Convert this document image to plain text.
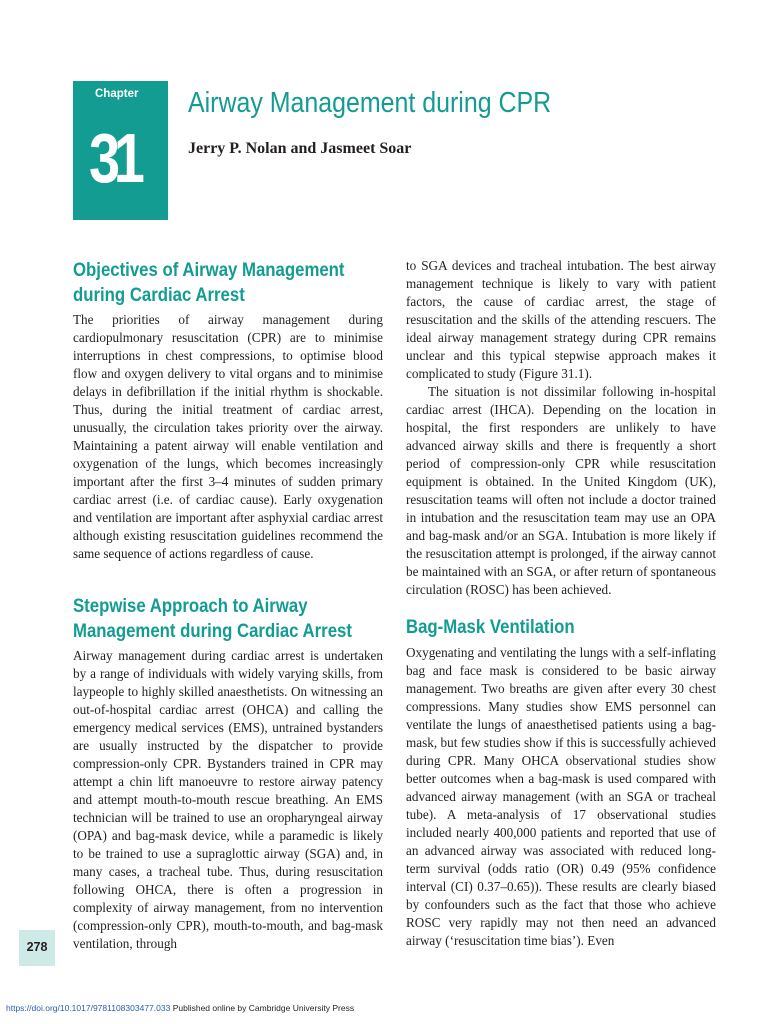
Chapter
31
Airway Management during CPR
Jerry P. Nolan and Jasmeet Soar
Objectives of Airway Management
during Cardiac Arrest

The priorities of airway management during cardiopulmonary resuscitation (CPR) are to minimise interruptions in chest compressions, to optimise blood flow and oxygen delivery to vital organs and to minimise delays in defibrillation if the initial rhythm is shockable. Thus, during the initial treatment of cardiac arrest, unusually, the circulation takes priority over the airway. Maintaining a patent airway will enable ventilation and oxygenation of the lungs, which becomes increasingly important after the first 3–4 minutes of sudden primary cardiac arrest (i.e. of cardiac cause). Early oxygenation and ventilation are important after asphyxial cardiac arrest although existing resuscitation guidelines recommend the same sequence of actions regardless of cause.

Stepwise Approach to Airway
Management during Cardiac Arrest

Airway management during cardiac arrest is undertaken by a range of individuals with widely varying skills, from laypeople to highly skilled anaesthetists. On witnessing an out-of-hospital cardiac arrest (OHCA) and calling the emergency medical services (EMS), untrained bystanders are usually instructed by the dispatcher to provide compression-only CPR. Bystanders trained in CPR may attempt a chin lift manoeuvre to restore airway patency and attempt mouth-to-mouth rescue breathing. An EMS technician will be trained to use an oropharyngeal airway (OPA) and bag-mask device, while a paramedic is likely to be trained to use a supraglottic airway (SGA) and, in many cases, a tracheal tube. Thus, during resuscitation following OHCA, there is often a progression in complexity of airway management, from no intervention (compression-only CPR), mouth-to-mouth, and bag-mask ventilation, through

to SGA devices and tracheal intubation. The best airway management technique is likely to vary with patient factors, the cause of cardiac arrest, the stage of resuscitation and the skills of the attending rescuers. The ideal airway management strategy during CPR remains unclear and this typical stepwise approach makes it complicated to study (Figure 31.1).

The situation is not dissimilar following in-hospital cardiac arrest (IHCA). Depending on the location in hospital, the first responders are unlikely to have advanced airway skills and there is frequently a short period of compression-only CPR while resuscitation equipment is obtained. In the United Kingdom (UK), resuscitation teams will often not include a doctor trained in intubation and the resuscitation team may use an OPA and bag-mask and/or an SGA. Intubation is more likely if the resuscitation attempt is prolonged, if the airway cannot be maintained with an SGA, or after return of spontaneous circulation (ROSC) has been achieved.

Bag-Mask Ventilation

Oxygenating and ventilating the lungs with a self-inflating bag and face mask is considered to be basic airway management. Two breaths are given after every 30 chest compressions. Many studies show EMS personnel can ventilate the lungs of anaesthetised patients using a bag-mask, but few studies show if this is successfully achieved during CPR. Many OHCA observational studies show better outcomes when a bag-mask is used compared with advanced airway management (with an SGA or tracheal tube). A meta-analysis of 17 observational studies included nearly 400,000 patients and reported that use of an advanced airway was associated with reduced long-term survival (odds ratio (OR) 0.49 (95% confidence interval (CI) 0.37–0.65)). These results are clearly biased by confounders such as the fact that those who achieve ROSC very rapidly may not then need an advanced airway (‘resuscitation time bias’). Even

278
https://doi.org/10.1017/9781108303477.033 Published online by Cambridge University Press
